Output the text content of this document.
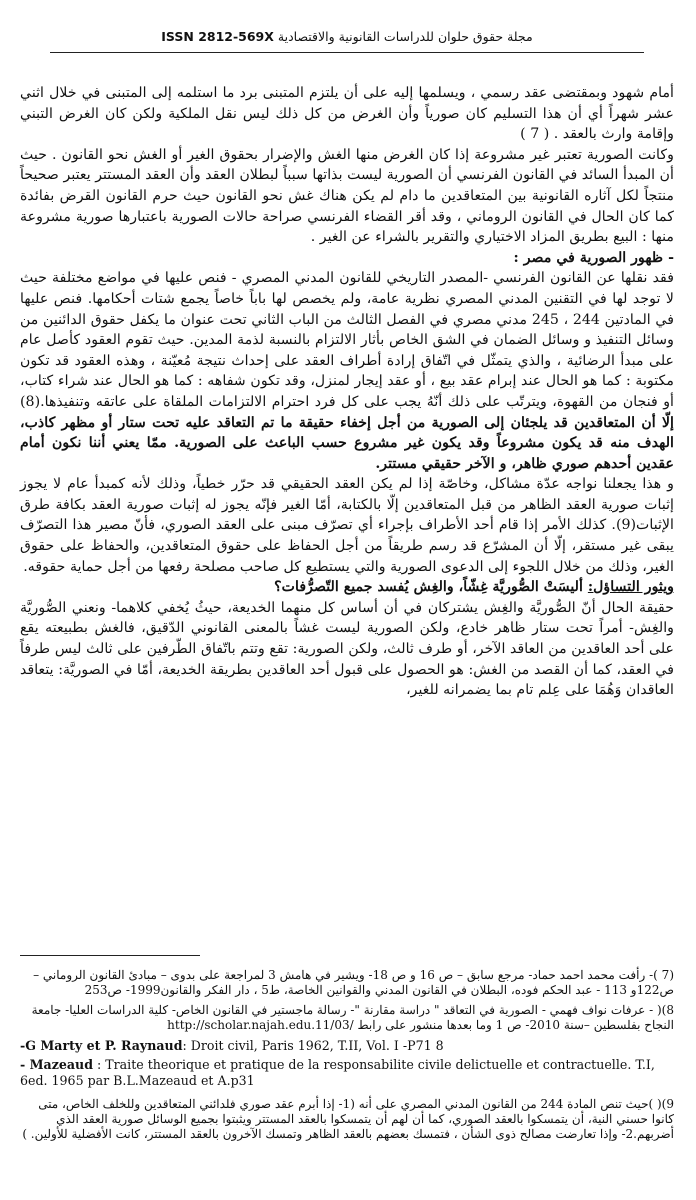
مجلة حقوق حلوان للدراسات القانونية والاقتصادية ISSN 2812-569X

أمام شهود وبمقتضى عقد رسمي ، ويسلمها إليه على أن يلتزم المتبنى برد ما استلمه إلى المتبنى في خلال اثني عشر شهراً أي أن هذا التسليم كان صورياً وأن الغرض من كل ذلك ليس نقل الملكية ولكن كان الغرض التبني وإقامة وارث بالعقد . ( 7 )

وكانت الصورية تعتبر غير مشروعة إذا كان الغرض منها الغش والإضرار بحقوق الغير أو الغش نحو القانون . حيث أن المبدأ السائد في القانون الفرنسي أن الصورية ليست بذاتها سبباً لبطلان العقد وأن العقد المستتر يعتبر صحيحاً منتجاً لكل آثاره القانونية بين المتعاقدين ما دام لم يكن هناك غش نحو القانون حيث حرم القانون القرض بفائدة كما كان الحال في القانون الروماني ، وقد أقر القضاء الفرنسي صراحة حالات الصورية باعتبارها صورية مشروعة منها : البيع بطريق المزاد الاختياري والتقرير بالشراء عن الغير .

- ظهور الصورية في مصر :

فقد نقلها عن القانون الفرنسي -المصدر التاريخي للقانون المدني المصري - فنص عليها في مواضع مختلفة حيث لا توجد لها في التقنين المدني المصري نظرية عامة، ولم يخصص لها باباً خاصاً يجمع شتات أحكامها. فنص عليها في المادتين 244 ، 245 مدني مصري في الفصل الثالث من الباب الثاني تحت عنوان ما يكفل حقوق الدائنين من وسائل التنفيذ و وسائل الضمان في الشق الخاص بأثار الالتزام بالنسبة لذمة المدين. حيث تقوم العقود كأصل عام على مبدأ الرضائية ، والذي يتمثّل في اتّفاق إرادة أطراف العقد على إحداث نتيجة مُعيّنة ، وهذه العقود قد تكون مكتوبة : كما هو الحال عند إبرام عقد بيع ، أو عقد إيجار لمنزل، وقد تكون شفاهه : كما هو الحال عند شراء كتاب، أو فنجان من القهوة، ويترتّب على ذلك أنّهُ يجب على كل فرد احترام الالتزامات الملقاة على عاتقه وتنفيذها.(8) إلّا أن المتعاقدين قد يلجئان إلى الصورية من أجل إخفاء حقيقة ما تم التعاقد عليه تحت ستار أو مظهر كاذب، الهدف منه قد يكون مشروعاً وقد يكون غير مشروع حسب الباعث على الصورية. ممّا يعني أننا نكون أمام عقدين أحدهم صوري ظاهر، و الآخر حقيقي مستتر.

و هذا يجعلنا نواجه عدّة مشاكل، وخاصّة إذا لم يكن العقد الحقيقي قد حرّر خطياً، وذلك لأنه كمبدأ عام لا يجوز إثبات صورية العقد الظاهر من قبل المتعاقدين إلّا بالكتابة، أمّا الغير فإنّه يجوز له إثبات صورية العقد بكافة طرق الإثبات(9). كذلك الأمر إذا قام أحد الأطراف بإجراء أي تصرّف مبنى على العقد الصوري، فأنّ مصير هذا التصرّف يبقى غير مستقر، إلّا أن المشرّع قد رسم طريقاً من أجل الحفاظ على حقوق المتعاقدين، والحفاظ على حقوق الغير، وذلك من خلال اللجوء إلى الدعوى الصورية والتي يستطيع كل صاحب مصلحة رفعها من أجل حماية حقوقه.

ويثور التساؤل: أليسَتْ الصُّوريَّة غِشّاً، والغِش يُفسد جميع التّصرُّفات؟

حقيقة الحال أنّ الصُّوريَّة والغِش يشتركان في أن أساس كل منهما الخديعة، حيثُ يُخفي كلاهما- ونعني الصُّوريَّة والغِش- أمراً تحت ستار ظاهر خادع، ولكن الصورية ليست غشاً بالمعنى القانوني الدّقيق، فالغش بطبيعته يقع على أحد العاقدين من العاقد الآخر، أو طرف ثالث، ولكن الصورية: تقع وتتم باتّفاق الطّرفين على ثالث ليس طرفاً في العقد، كما أن القصد من الغش: هو الحصول على قبول أحد العاقدين بطريقة الخديعة، أمّا في الصوريَّة: يتعاقد العاقدان وَهُمَا على عِلم تام بما يضمرانه للغير،

(7 )- رأفت محمد احمد حماد- مرجع سابق – ص 16 و ص 18- ويشير في هامش 3 لمراجعة على بدوى – مبادئ القانون الروماني – ص122و 113 - عبد الحكم فوده، البطلان في القانون المدني والقوانين الخاصة، ط5 ، دار الفكر والقانون1999- ص253

8)( - عرفات نواف فهمي - الصورية في التعاقد " دراسة مقارنة "- رسالة ماجستير في القانون الخاص- كلية الدراسات العليا- جامعة النجاح بفلسطين –سنة 2010- ص 1 وما بعدها منشور على رابط http://scholar.najah.edu.11/03/

-G Marty et P. Raynaud: Droit civil, Paris 1962, T.II, Vol. I -P71 8

- Mazeaud : Traite theorique et pratique de la responsabilite civile delictuelle et contractuelle. T.I, 6ed. 1965 par B.L.Mazeaud et A.p31

9)( )حيث تنص المادة 244 من القانون المدني المصري على أنه (1- إذا أبرم عقد صوري فلدائني المتعاقدين وللخلف الخاص، متى كانوا حسني النية، أن يتمسكوا بالعقد الصوري، كما أن لهم أن يتمسكوا بالعقد المستتر ويثبتوا بجميع الوسائل صورية العقد الذي أضربهم.2- وإذا تعارضت مصالح ذوى الشأن ، فتمسك بعضهم بالعقد الظاهر وتمسك الآخرون بالعقد المستتر، كانت الأفضلية للأولين. )
